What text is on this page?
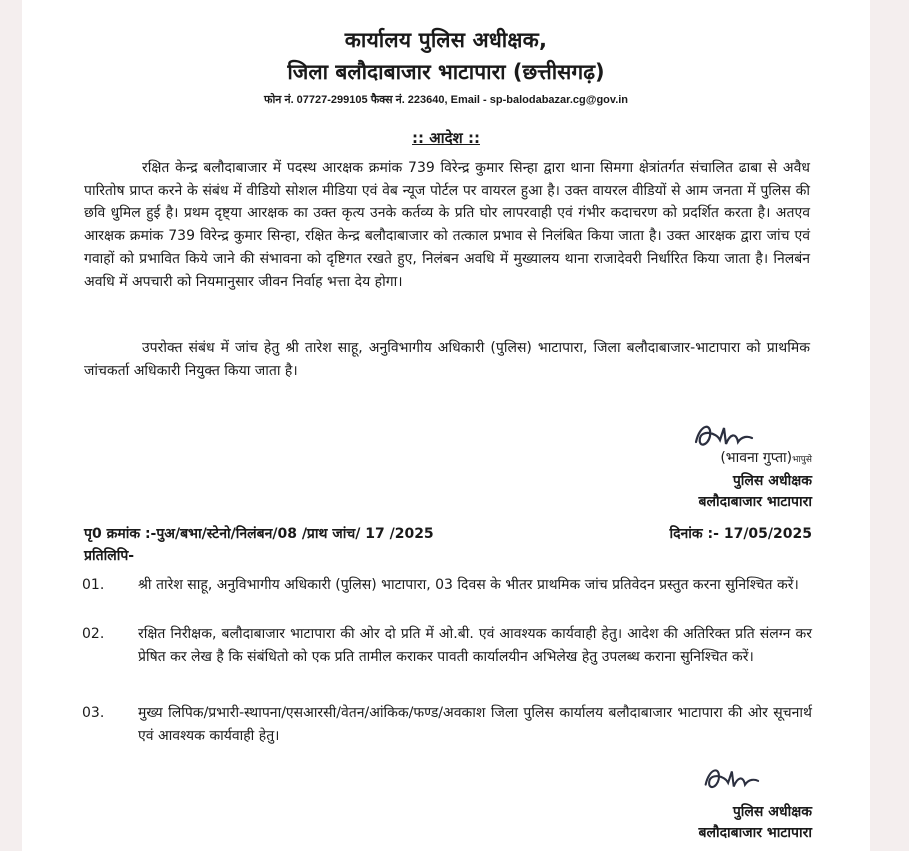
कार्यालय पुलिस अधीक्षक,
जिला बलौदाबाजार भाटापारा (छत्तीसगढ़)
फोन नं. 07727-299105 फैक्स नं. 223640, Email - sp-balodabazar.cg@gov.in
:: आदेश ::
रक्षित केन्द्र बलौदाबाजार में पदस्थ आरक्षक क्रमांक 739 विरेन्द्र कुमार सिन्हा द्वारा थाना सिमगा क्षेत्रांतर्गत संचालित ढाबा से अवैध पारितोष प्राप्त करने के संबंध में वीडियो सोशल मीडिया एवं वेब न्यूज पोर्टल पर वायरल हुआ है। उक्त वायरल वीडियों से आम जनता में पुलिस की छवि धुमिल हुई है। प्रथम दृष्ट्या आरक्षक का उक्त कृत्य उनके कर्तव्य के प्रति घोर लापरवाही एवं गंभीर कदाचरण को प्रदर्शित करता है। अतएव आरक्षक क्रमांक 739 विरेन्द्र कुमार सिन्हा, रक्षित केन्द्र बलौदाबाजार को तत्काल प्रभाव से निलंबित किया जाता है। उक्त आरक्षक द्वारा जांच एवं गवाहों को प्रभावित किये जाने की संभावना को दृष्टिगत रखते हुए, निलंबन अवधि में मुख्यालय थाना राजादेवरी निर्धारित किया जाता है। निलबंन अवधि में अपचारी को नियमानुसार जीवन निर्वाह भत्ता देय होगा।
उपरोक्त संबंध में जांच हेतु श्री तारेश साहू, अनुविभागीय अधिकारी (पुलिस) भाटापारा, जिला बलौदाबाजार-भाटापारा को प्राथमिक जांचकर्ता अधिकारी नियुक्त किया जाता है।
(भावना गुप्ता)भापुसे
पुलिस अधीक्षक
बलौदाबाजार भाटापारा
पृ0 क्रमांक :-पुअ/बभा/स्टेनो/निलंबन/08 /प्राथ जांच/ 17 /2025	दिनांक :- 17/05/2025
प्रतिलिपि-
01.	श्री तारेश साहू, अनुविभागीय अधिकारी (पुलिस) भाटापारा, 03 दिवस के भीतर प्राथमिक जांच प्रतिवेदन प्रस्तुत करना सुनिश्चित करें।
02.	रक्षित निरीक्षक, बलौदाबाजार भाटापारा की ओर दो प्रति में ओ.बी. एवं आवश्यक कार्यवाही हेतु। आदेश की अतिरिक्त प्रति संलग्न कर प्रेषित कर लेख है कि संबंधितो को एक प्रति तामील कराकर पावती कार्यालयीन अभिलेख हेतु उपलब्ध कराना सुनिश्चित करें।
03.	मुख्य लिपिक/प्रभारी-स्थापना/एसआरसी/वेतन/आंकिक/फण्ड/अवकाश जिला पुलिस कार्यालय बलौदाबाजार भाटापारा की ओर सूचनार्थ एवं आवश्यक कार्यवाही हेतु।
पुलिस अधीक्षक
बलौदाबाजार भाटापारा
